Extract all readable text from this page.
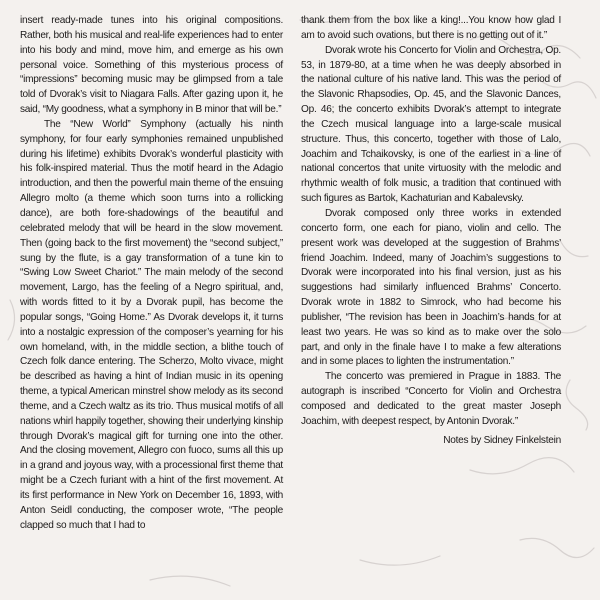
insert ready-made tunes into his original compositions. Rather, both his musical and real-life experiences had to enter into his body and mind, move him, and emerge as his own personal voice. Something of this mysterious process of “impressions” becoming music may be glimpsed from a tale told of Dvorak’s visit to Niagara Falls. After gazing upon it, he said, “My goodness, what a symphony in B minor that will be.”

The “New World” Symphony (actually his ninth symphony, for four early symphonies remained unpublished during his lifetime) exhibits Dvorak’s wonderful plasticity with his folk-inspired material. Thus the motif heard in the Adagio introduction, and then the powerful main theme of the ensuing Allegro molto (a theme which soon turns into a rollicking dance), are both fore-shadowings of the beautiful and celebrated melody that will be heard in the slow movement. Then (going back to the first movement) the “second subject,” sung by the flute, is a gay transformation of a tune kin to “Swing Low Sweet Chariot.” The main melody of the second movement, Largo, has the feeling of a Negro spiritual, and, with words fitted to it by a Dvorak pupil, has become the popular songs, “Going Home.” As Dvorak develops it, it turns into a nostalgic expression of the composer’s yearning for his own homeland, with, in the middle section, a blithe touch of Czech folk dance entering. The Scherzo, Molto vivace, might be described as having a hint of Indian music in its opening theme, a typical American minstrel show melody as its second theme, and a Czech waltz as its trio. Thus musical motifs of all nations whirl happily together, showing their underlying kinship through Dvorak’s magical gift for turning one into the other. And the closing movement, Allegro con fuoco, sums all this up in a grand and joyous way, with a processional first theme that might be a Czech furiant with a hint of the first movement. At its first performance in New York on December 16, 1893, with Anton Seidl conducting, the composer wrote, “The people clapped so much that I had to

thank them from the box like a king!...You know how glad I am to avoid such ovations, but there is no getting out of it.”

Dvorak wrote his Concerto for Violin and Orchestra, Op. 53, in 1879-80, at a time when he was deeply absorbed in the national culture of his native land. This was the period of the Slavonic Rhapsodies, Op. 45, and the Slavonic Dances, Op. 46; the concerto exhibits Dvorak’s attempt to integrate the Czech musical language into a large-scale musical structure. Thus, this concerto, together with those of Lalo, Joachim and Tchaikovsky, is one of the earliest in a line of national concertos that unite virtuosity with the melodic and rhythmic wealth of folk music, a tradition that continued with such figures as Bartok, Kachaturian and Kabalevsky.

Dvorak composed only three works in extended concerto form, one each for piano, violin and cello. The present work was developed at the suggestion of Brahms’ friend Joachim. Indeed, many of Joachim’s suggestions to Dvorak were incorporated into his final version, just as his suggestions had similarly influenced Brahms’ Concerto. Dvorak wrote in 1882 to Simrock, who had become his publisher, “The revision has been in Joachim’s hands for at least two years. He was so kind as to make over the solo part, and only in the finale have I to make a few alterations and in some places to lighten the instrumentation.”

The concerto was premiered in Prague in 1883. The autograph is inscribed “Concerto for Violin and Orchestra composed and dedicated to the great master Joseph Joachim, with deepest respect, by Antonin Dvorak.”

Notes by Sidney Finkelstein
